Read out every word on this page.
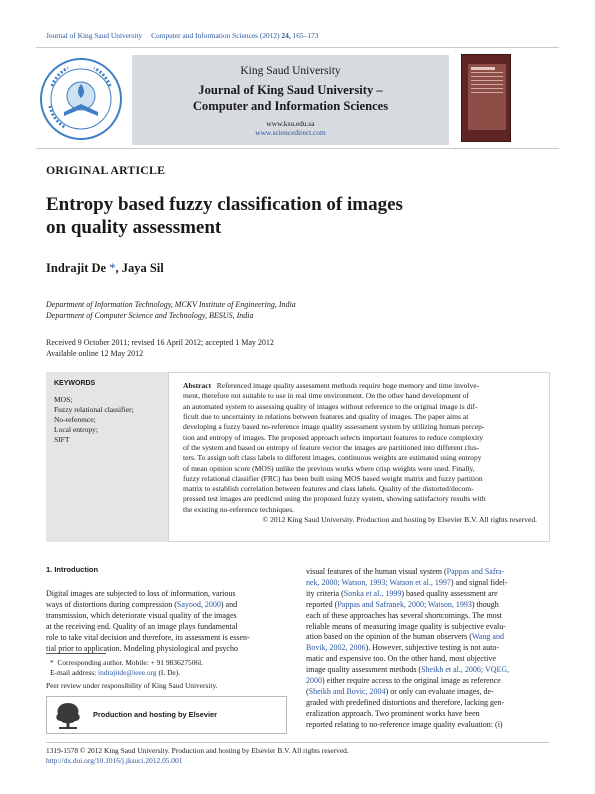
Journal of King Saud University Computer and Information Sciences (2012) 24, 165–173
King Saud University
Journal of King Saud University –
Computer and Information Sciences
www.ksu.edu.sa
www.sciencedirect.com
ORIGINAL ARTICLE
Entropy based fuzzy classification of images
on quality assessment
Indrajit De *, Jaya Sil
Department of Information Technology, MCKV Institute of Engineering, India
Department of Computer Science and Technology, BESUS, India
Received 9 October 2011; revised 16 April 2012; accepted 1 May 2012
Available online 12 May 2012
KEYWORDS
MOS;
Fuzzy relational classifier;
No-reference;
Local entropy;
SIFT
Abstract Referenced image quality assessment methods require huge memory and time involve-
ment, therefore not suitable to use in real time environment. On the other hand development of
an automated system to assessing quality of images without reference to the original image is dif-
ficult due to uncertainty in relations between features and quality of images. The paper aims at
developing a fuzzy based no-reference image quality assessment system by utilizing human percep-
tion and entropy of images. The proposed approach selects important features to reduce complexity
of the system and based on entropy of feature vector the images are partitioned into different clus-
ters. To assign soft class labels to different images, continuous weights are estimated using entropy
of mean opinion score (MOS) unlike the previous works where crisp weights were used. Finally,
fuzzy relational classifier (FRC) has been built using MOS based weight matrix and fuzzy partition
matrix to establish correlation between features and class labels. Quality of the distorted/decom-
pressed test images are predicted using the proposed fuzzy system, showing satisfactory results with
the existing no-reference techniques.
© 2012 King Saud University. Production and hosting by Elsevier B.V. All rights reserved.
1. Introduction
Digital images are subjected to loss of information, various
ways of distortions during compression (Sayood, 2000) and
transmission, which deteriorate visual quality of the images
at the receiving end. Quality of an image plays fundamental
role to take vital decision and therefore, its assessment is essen-
tial prior to application. Modeling physiological and psycho
visual features of the human visual system (Pappas and Safra-
nek, 2000; Watson, 1993; Watson et al., 1997) and signal fidel-
ity criteria (Sonka et al., 1999) based quality assessment are
reported (Pappas and Safranek, 2000; Watson, 1993) though
each of these approaches has several shortcomings. The most
reliable means of measuring image quality is subjective evalu-
ation based on the opinion of the human observers (Wang and
Bovik, 2002, 2006). However, subjective testing is not auto-
matic and expensive too. On the other hand, most objective
image quality assessment methods (Sheikh et al., 2006; VQEG,
2000) either require access to the original image as reference
(Sheikh and Bovic, 2004) or only can evaluate images, de-
graded with predefined distortions and therefore, lacking gen-
eralization approach. Two prominent works have been
reported relating to no-reference image quality evaluation: (i)
* Corresponding author. Mobile: + 91 983627506l.
E-mail address: indrajitde@ieee.org (I. De).
Peer review under responsibility of King Saud University.
Production and hosting by Elsevier
1319-1578 © 2012 King Saud University. Production and hosting by Elsevier B.V. All rights reserved.
http://dx.doi.org/10.1016/j.jksuci.2012.05.001
